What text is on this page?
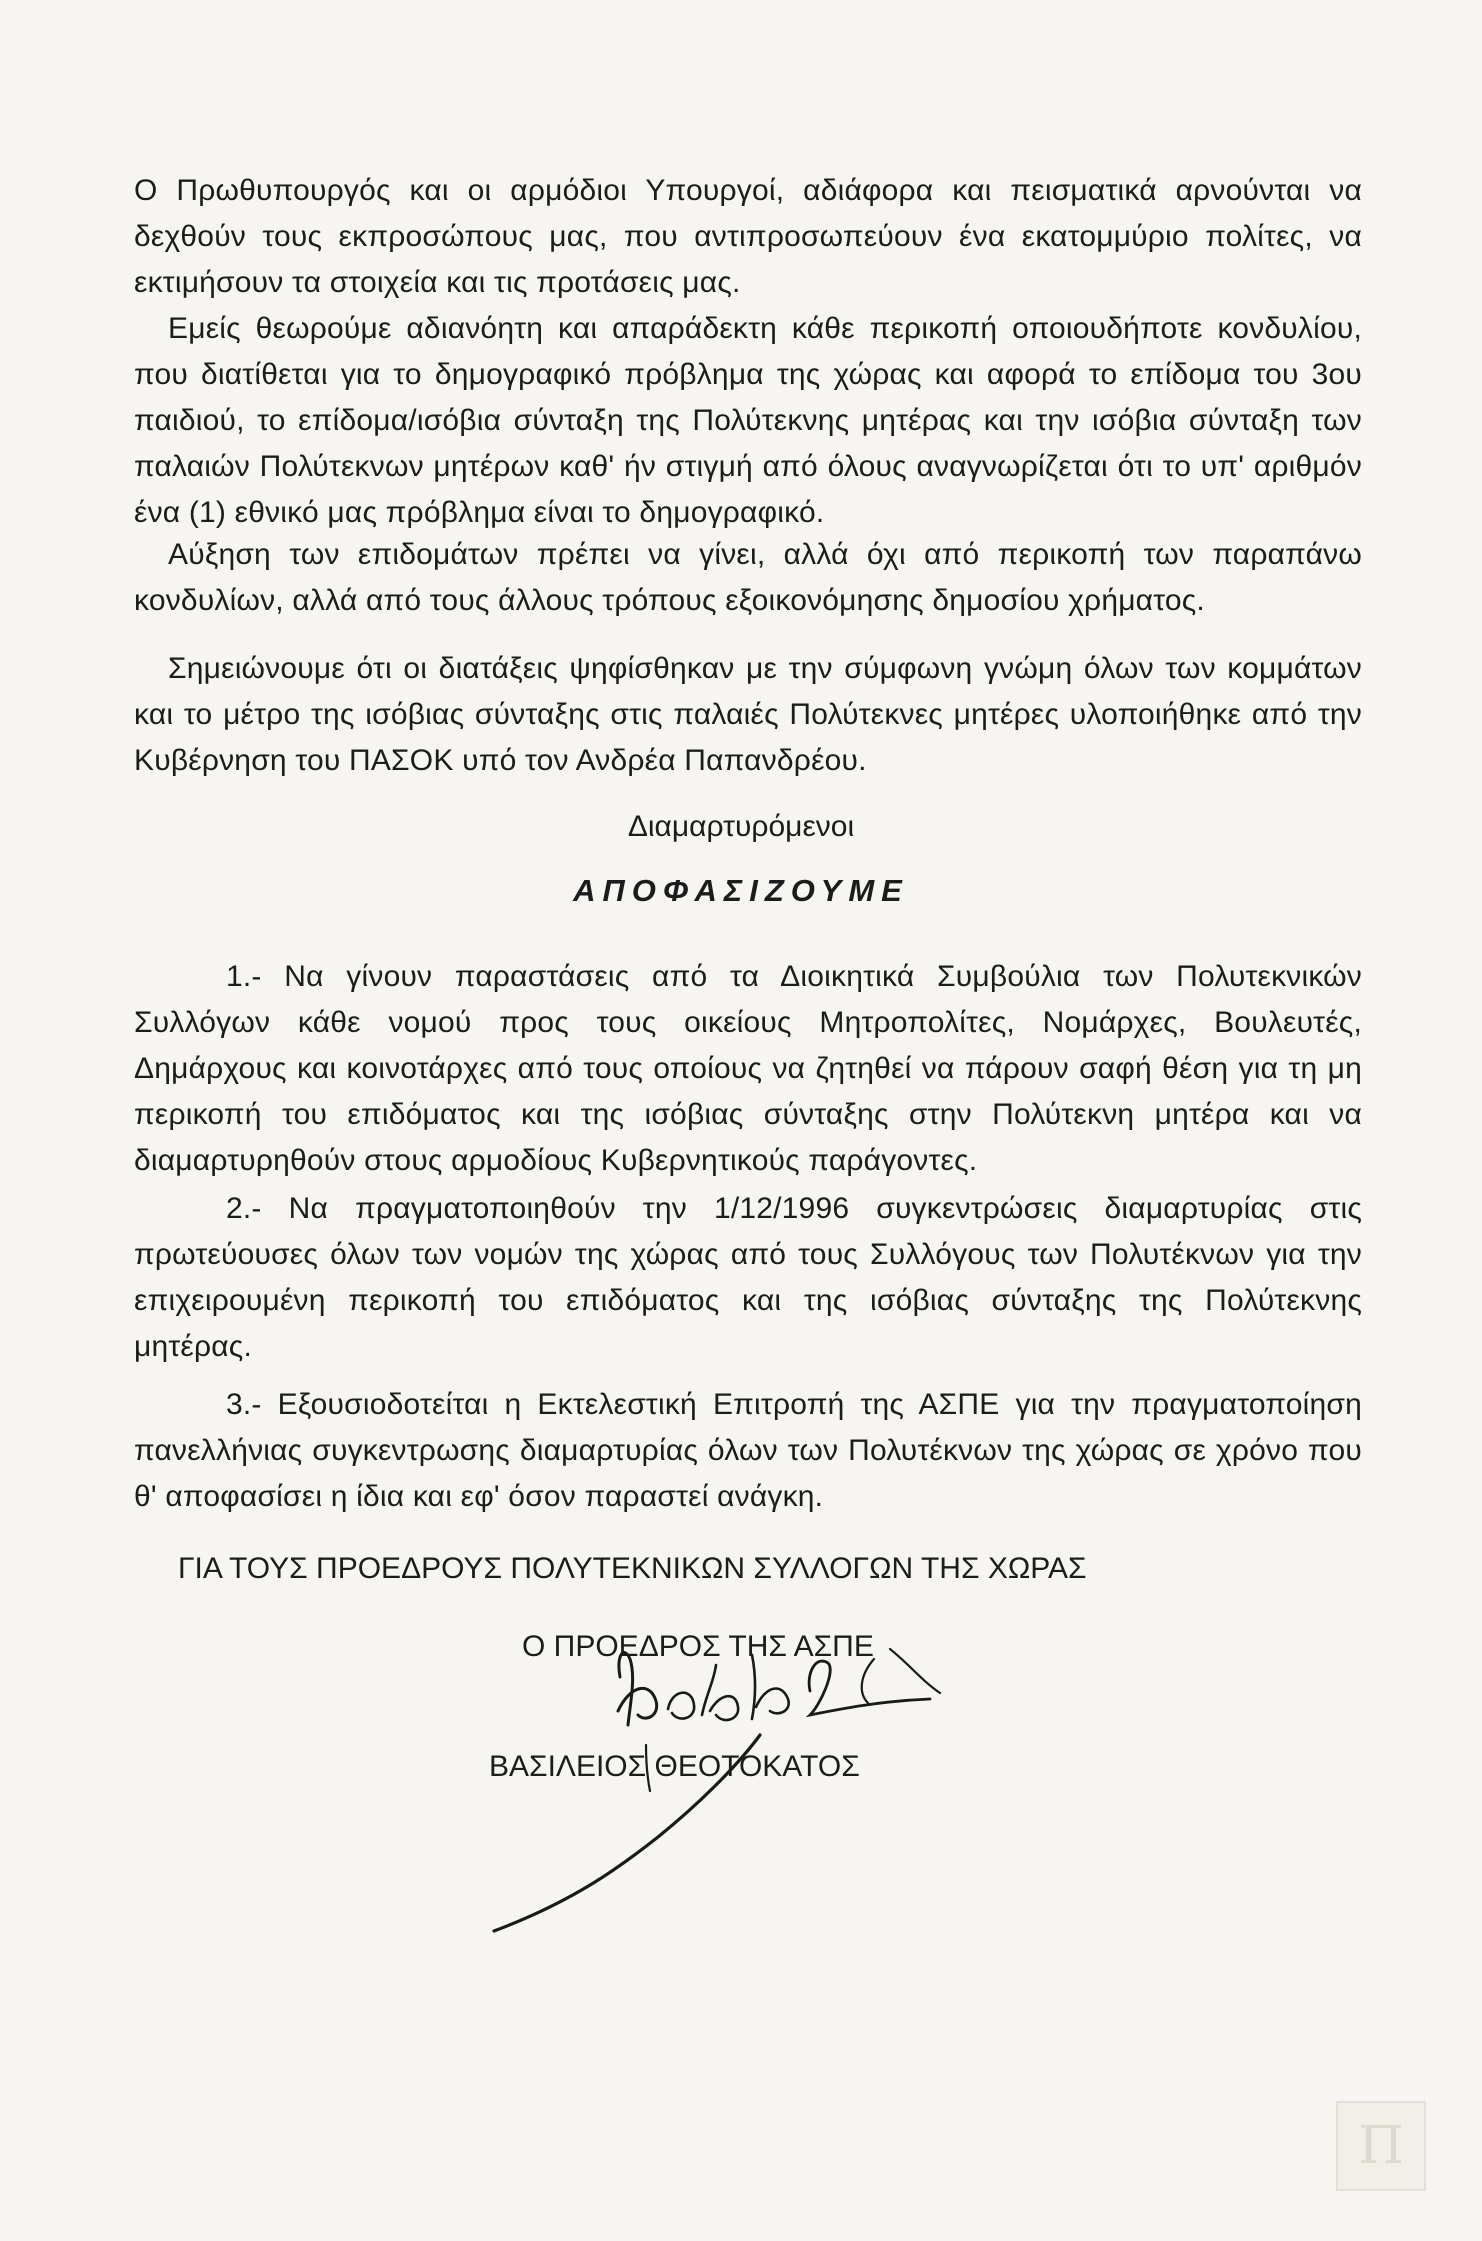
Ο Πρωθυπουργός και οι αρμόδιοι Υπουργοί, αδιάφορα και πεισματικά αρνούνται να δεχθούν τους εκπροσώπους μας, που αντιπροσωπεύουν ένα εκατομμύριο πολίτες, να εκτιμήσουν τα στοιχεία και τις προτάσεις μας.

Εμείς θεωρούμε αδιανόητη και απαράδεκτη κάθε περικοπή οποιουδήποτε κονδυλίου, που διατίθεται για το δημογραφικό πρόβλημα της χώρας και αφορά το επίδομα του 3ου παιδιού, το επίδομα/ισόβια σύνταξη της Πολύτεκνης μητέρας και την ισόβια σύνταξη των παλαιών Πολύτεκνων μητέρων καθ' ήν στιγμή από όλους αναγνωρίζεται ότι το υπ' αριθμόν ένα (1) εθνικό μας πρόβλημα είναι το δημογραφικό.

Αύξηση των επιδομάτων πρέπει να γίνει, αλλά όχι από περικοπή των παραπάνω κονδυλίων, αλλά από τους άλλους τρόπους εξοικονόμησης δημοσίου χρήματος.

Σημειώνουμε ότι οι διατάξεις ψηφίσθηκαν με την σύμφωνη γνώμη όλων των κομμάτων και το μέτρο της ισόβιας σύνταξης στις παλαιές Πολύτεκνες μητέρες υλοποιήθηκε από την Κυβέρνηση του ΠΑΣΟΚ υπό τον Ανδρέα Παπανδρέου.

Διαμαρτυρόμενοι

ΑΠΟΦΑΣΙΖΟΥΜΕ

1.- Να γίνουν παραστάσεις από τα Διοικητικά Συμβούλια των Πολυτεκνικών Συλλόγων κάθε νομού προς τους οικείους Μητροπολίτες, Νομάρχες, Βουλευτές, Δημάρχους και κοινοτάρχες από τους οποίους να ζητηθεί να πάρουν σαφή θέση για τη μη περικοπή του επιδόματος και της ισόβιας σύνταξης στην Πολύτεκνη μητέρα και να διαμαρτυρηθούν στους αρμοδίους Κυβερνητικούς παράγοντες.

2.- Να πραγματοποιηθούν την 1/12/1996 συγκεντρώσεις διαμαρτυρίας στις πρωτεύουσες όλων των νομών της χώρας από τους Συλλόγους των Πολυτέκνων για την επιχειρουμένη περικοπή του επιδόματος και της ισόβιας σύνταξης της Πολύτεκνης μητέρας.

3.- Εξουσιοδοτείται η Εκτελεστική Επιτροπή της ΑΣΠΕ για την πραγματοποίηση πανελλήνιας συγκεντρωσης διαμαρτυρίας όλων των Πολυτέκνων της χώρας σε χρόνο που θ' αποφασίσει η ίδια και εφ' όσον παραστεί ανάγκη.

ΓΙΑ ΤΟΥΣ ΠΡΟΕΔΡΟΥΣ ΠΟΛΥΤΕΚΝΙΚΩΝ ΣΥΛΛΟΓΩΝ ΤΗΣ ΧΩΡΑΣ

Ο ΠΡΟΕΔΡΟΣ ΤΗΣ ΑΣΠΕ

ΒΑΣΙΛΕΙΟΣ ΘΕΟΤΟΚΑΤΟΣ

Π
